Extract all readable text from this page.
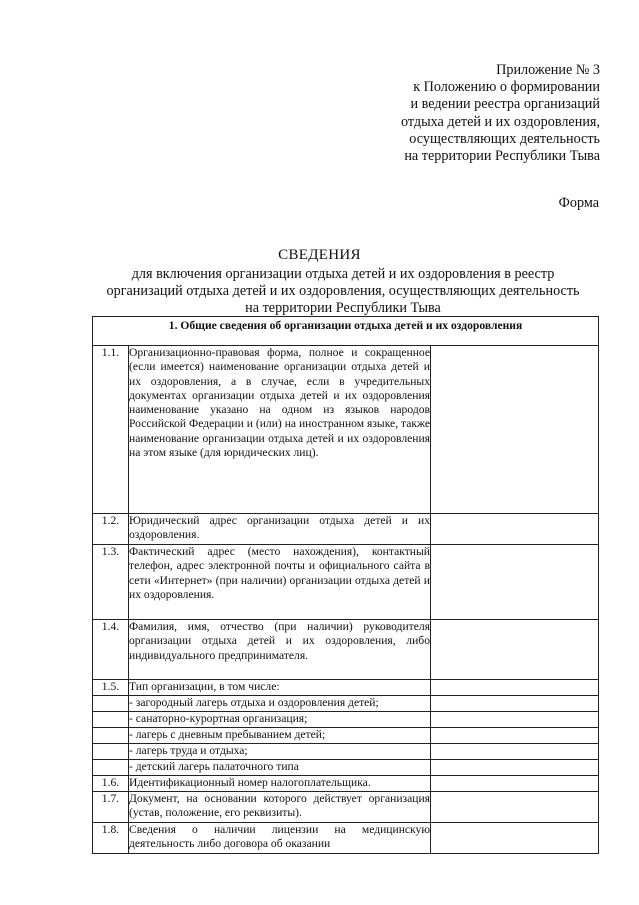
Приложение № 3
к Положению о формировании
и ведении реестра организаций
отдыха детей и их оздоровления,
осуществляющих деятельность
на территории Республики Тыва
Форма
СВЕДЕНИЯ
для включения организации отдыха детей и их оздоровления в реестр
организаций отдыха детей и их оздоровления, осуществляющих деятельность
на территории Республики Тыва
1. Общие сведения об организации отдыха детей и их оздоровления		
1.1.	Организационно-правовая форма, полное и сокращенное (если имеется) наименование организации отдыха детей и их оздоровления, а в случае, если в учредительных документах организации отдыха детей и их оздоровления наименование указано на одном из языков народов Российской Федерации и (или) на иностранном языке, также наименование организации отдыха детей и их оздоровления на этом языке (для юридических лиц).	
1.2.	Юридический адрес организации отдыха детей и их оздоровления.	
1.3.	Фактический адрес (место нахождения), контактный телефон, адрес электронной почты и официального сайта в сети «Интернет» (при наличии) организации отдыха детей и их оздоровления.	
1.4.	Фамилия, имя, отчество (при наличии) руководителя организации отдыха детей и их оздоровления, либо индивидуального предпринимателя.	
1.5.	Тип организации, в том числе:	
	- загородный лагерь отдыха и оздоровления детей;	
	- санаторно-курортная организация;	
	- лагерь с дневным пребыванием детей;	
	- лагерь труда и отдыха;	
	- детский лагерь палаточного типа	
1.6.	Идентификационный номер налогоплательщика.	
1.7.	Документ, на основании которого действует организация (устав, положение, его реквизиты).	
1.8.	Сведения о наличии лицензии на медицинскую деятельность либо договора об оказании	
